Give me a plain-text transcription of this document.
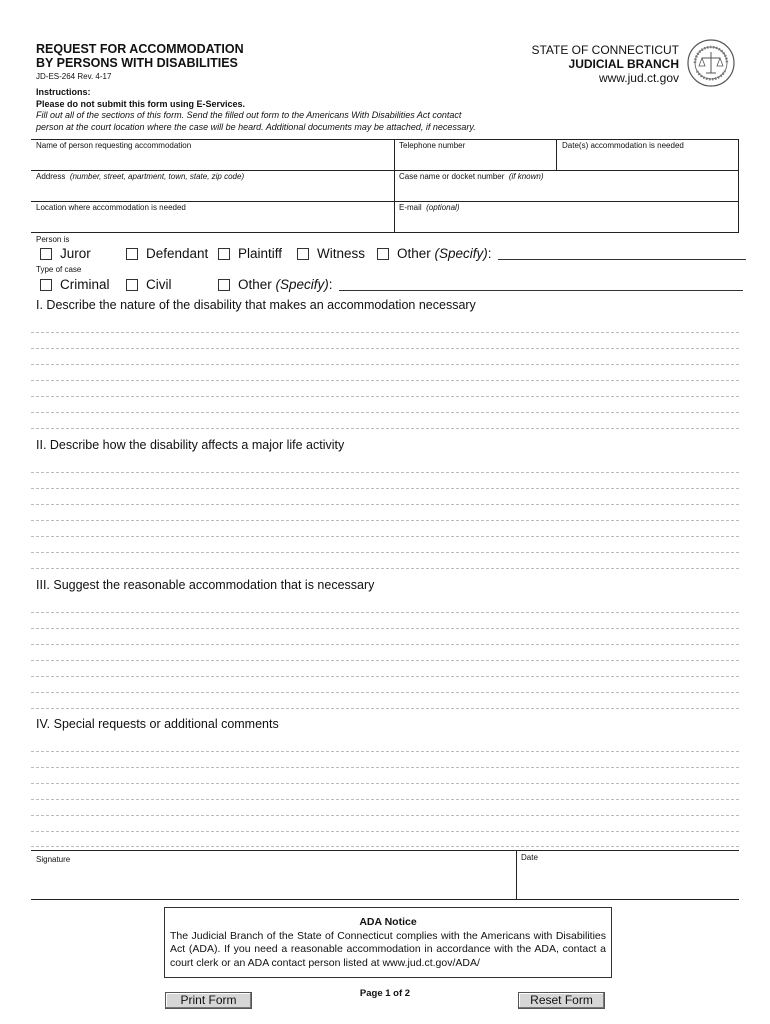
REQUEST FOR ACCOMMODATION
BY PERSONS WITH DISABILITIES
JD-ES-264 Rev. 4-17
STATE OF CONNECTICUT
JUDICIAL BRANCH
www.jud.ct.gov
Instructions:
Please do not submit this form using E-Services.
Fill out all of the sections of this form. Send the filled out form to the Americans With Disabilities Act contact
person at the court location where the case will be heard. Additional documents may be attached, if necessary.
Name of person requesting accommodation	Telephone number	Date(s) accommodation is needed
Address (number, street, apartment, town, state, zip code)	Case name or docket number (if known)
Location where accommodation is needed	E-mail (optional)
Person is
Juror	Defendant Plaintiff	Witness Other
(Specify) :
Type of case
Criminal	Civil	Other
(Specify) :
I. Describe the nature of the disability that makes an accommodation necessary
II. Describe how the disability affects a major life activity
III. Suggest the reasonable accommodation that is necessary
IV. Special requests or additional comments
Signature	Date
ADA Notice
The Judicial Branch of the State of Connecticut complies with the Americans with Disabilities Act (ADA). If you need a reasonable accommodation in accordance with the ADA, contact a court clerk or an ADA contact person listed at www.jud.ct.gov/ADA/
Page 1 of 2
Print Form	Reset Form
